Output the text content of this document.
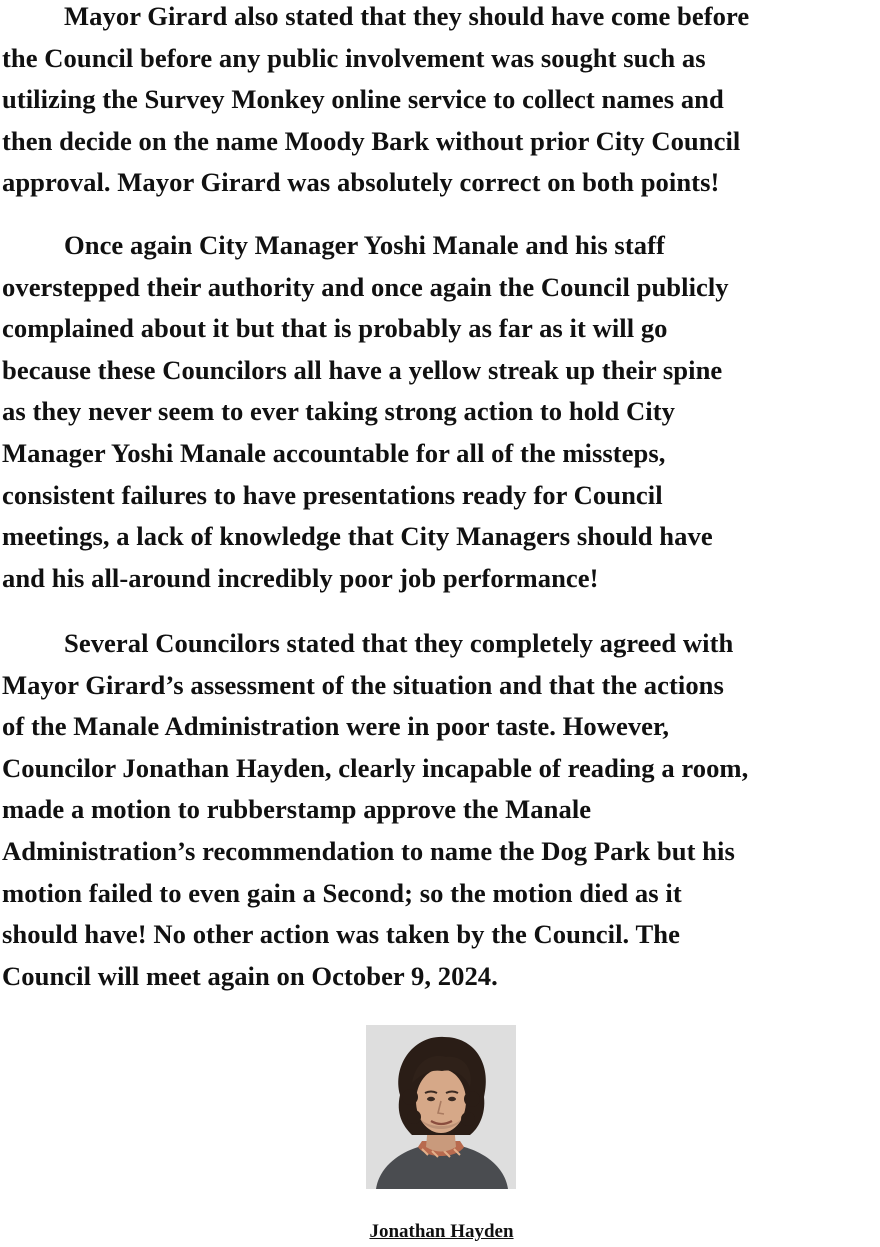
Mayor Girard also stated that they should have come before
the Council before any public involvement was sought such as
utilizing the Survey Monkey online service to collect names and
then decide on the name Moody Bark without prior City Council
approval. Mayor Girard was absolutely correct on both points!

Once again City Manager Yoshi Manale and his staff
overstepped their authority and once again the Council publicly
complained about it but that is probably as far as it will go
because these Councilors all have a yellow streak up their spine
as they never seem to ever taking strong action to hold City
Manager Yoshi Manale accountable for all of the missteps,
consistent failures to have presentations ready for Council
meetings, a lack of knowledge that City Managers should have
and his all-around incredibly poor job performance!

Several Councilors stated that they completely agreed with
Mayor Girard’s assessment of the situation and that the actions
of the Manale Administration were in poor taste. However,
Councilor Jonathan Hayden, clearly incapable of reading a room,
made a motion to rubberstamp approve the Manale
Administration’s recommendation to name the Dog Park but his
motion failed to even gain a Second; so the motion died as it
should have! No other action was taken by the Council. The
Council will meet again on October 9, 2024.

Jonathan Hayden
